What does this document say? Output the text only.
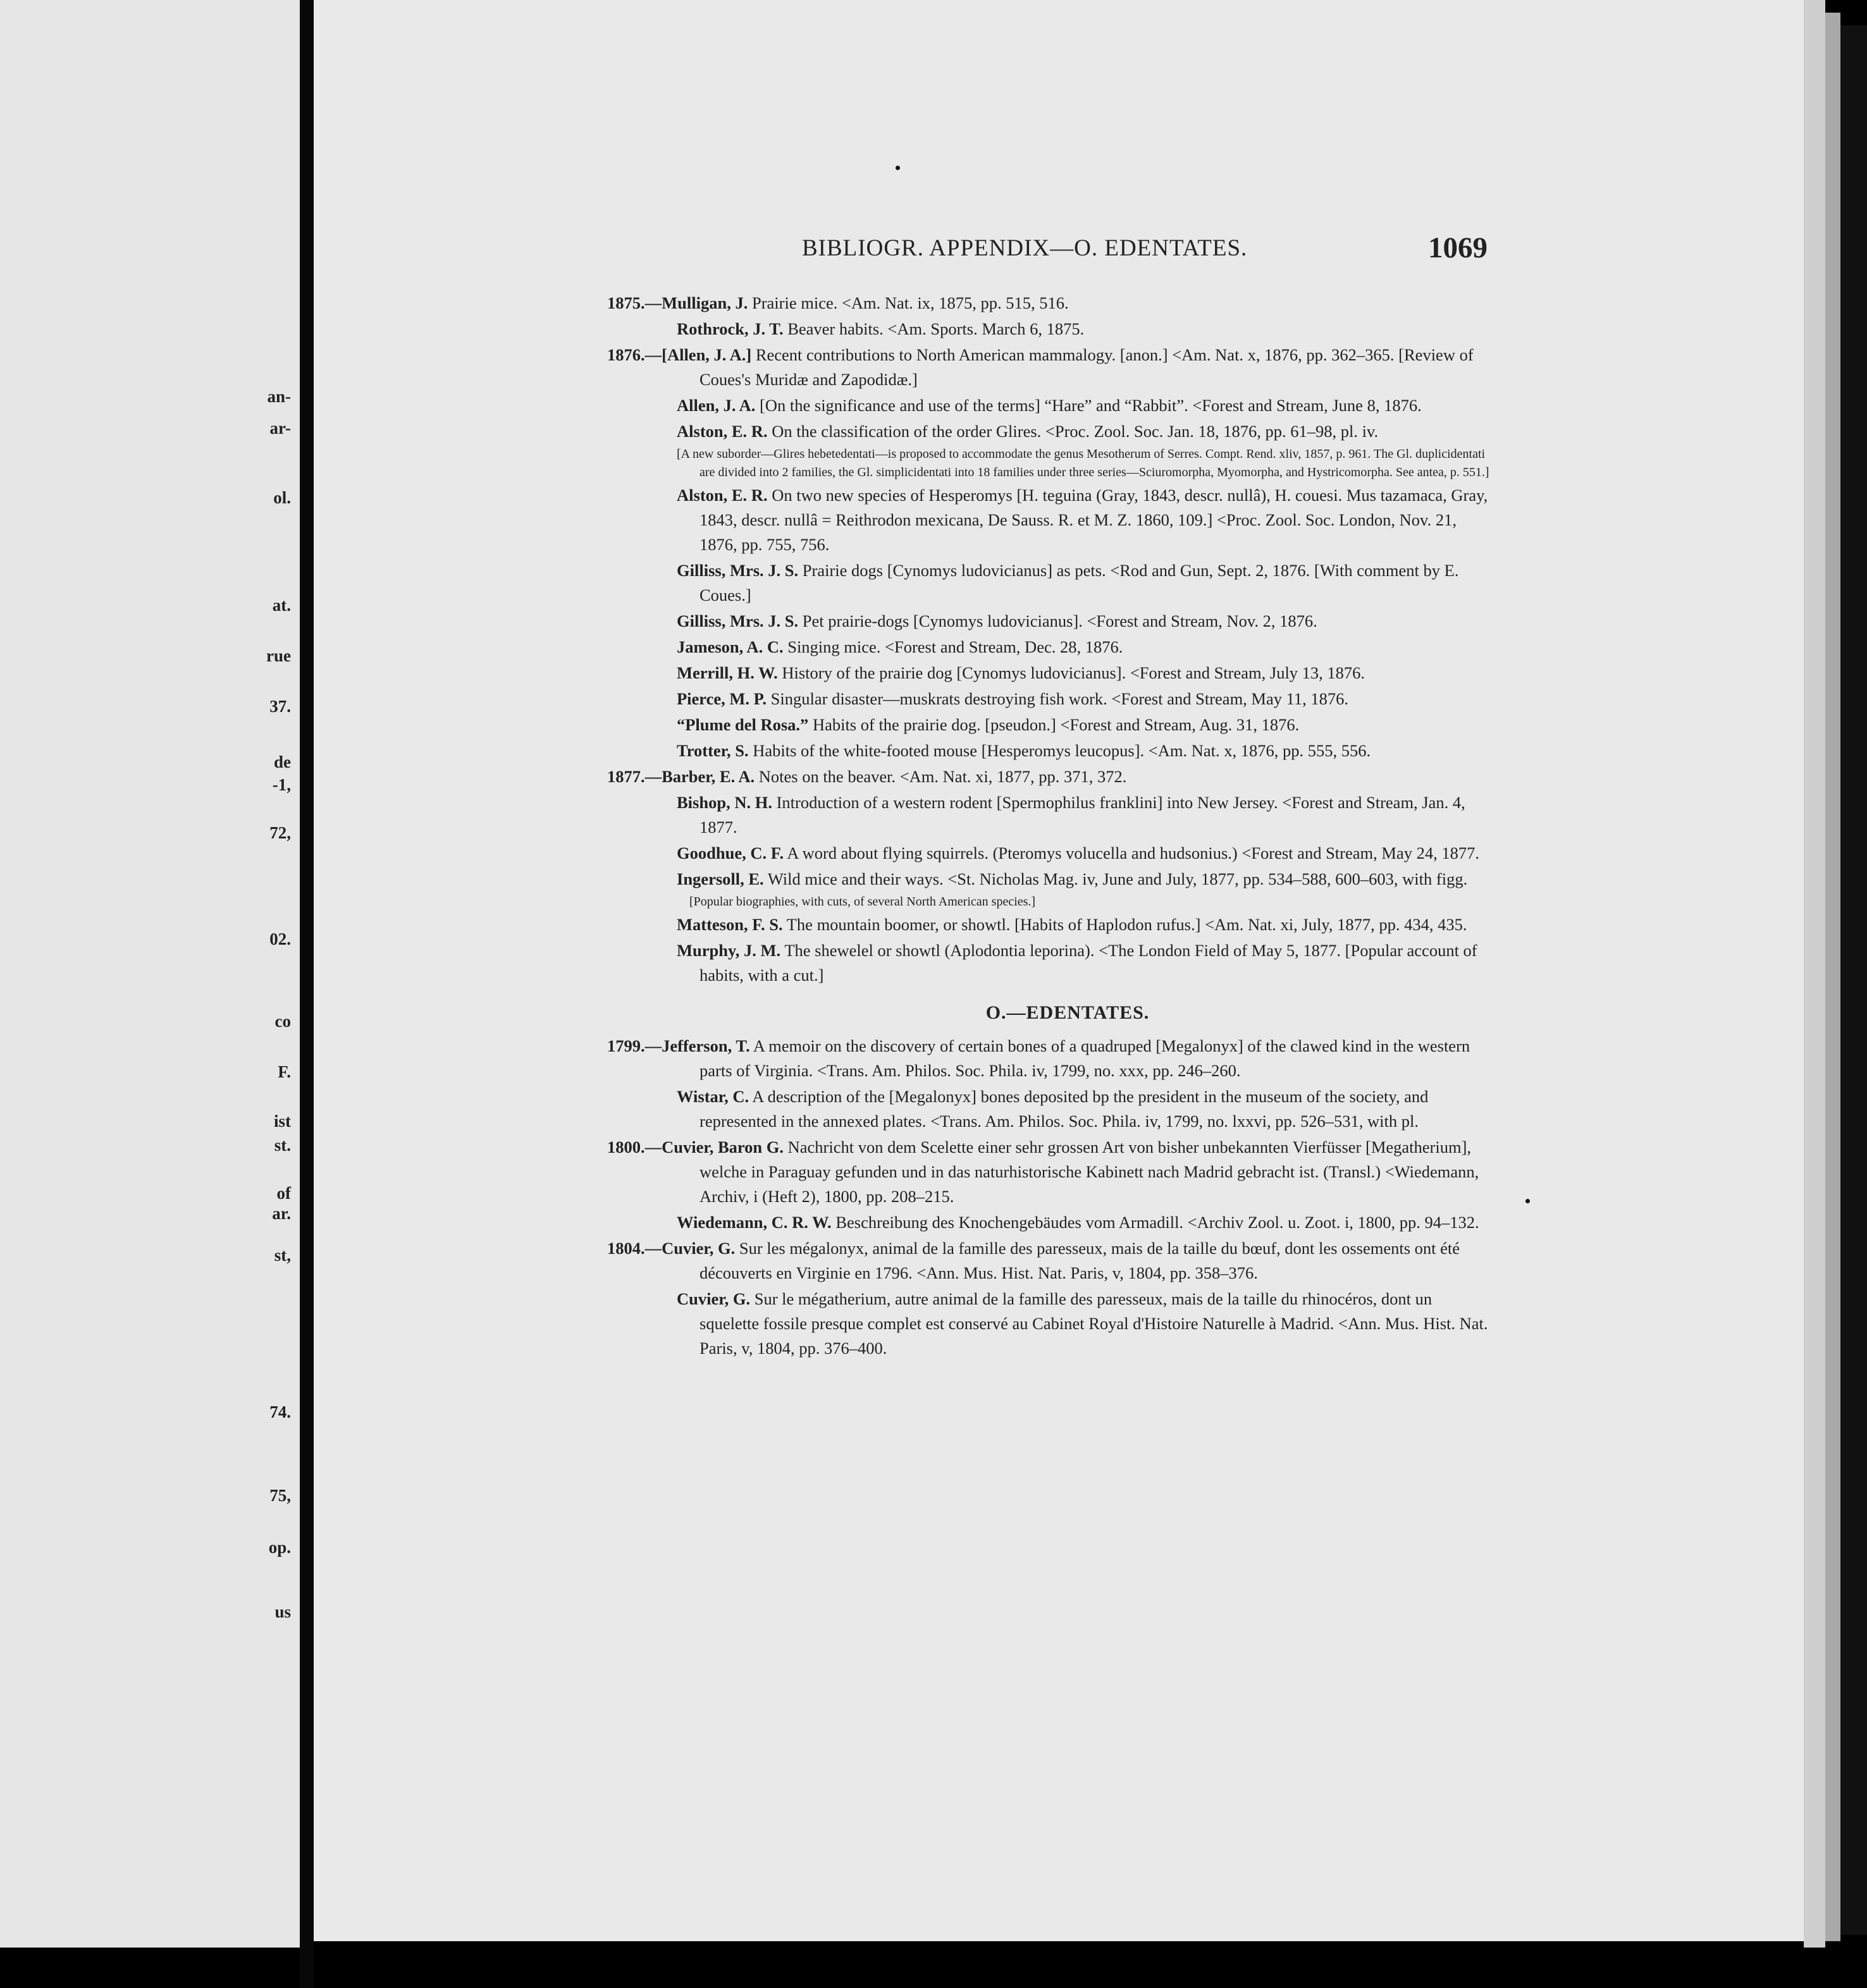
an-
ar-
ol.
at.
rue
37.
de
-1,
72,
02.
co
F.
ist
st.
of
ar.
st,
74.
75,
op.
us
BIBLIOGR. APPENDIX—O. EDENTATES.	1069
1875.—Mulligan, J. Prairie mice. <Am. Nat. ix, 1875, pp. 515, 516.
Rothrock, J. T. Beaver habits. <Am. Sports. March 6, 1875.
1876.—[Allen, J. A.] Recent contributions to North American mammalogy. [anon.] <Am. Nat. x, 1876, pp. 362–365. [Review of Coues's Muridæ and Zapodidæ.]
Allen, J. A. [On the significance and use of the terms] “Hare” and “Rabbit”. <Forest and Stream, June 8, 1876.
Alston, E. R. On the classification of the order Glires. <Proc. Zool. Soc. Jan. 18, 1876, pp. 61–98, pl. iv.
[A new suborder—Glires hebetedentati—is proposed to accommodate the genus Mesotherum of Serres. Compt. Rend. xliv, 1857, p. 961. The Gl. duplicidentati are divided into 2 families, the Gl. simplicidentati into 18 families under three series—Sciuromorpha, Myomorpha, and Hystricomorpha. See antea, p. 551.]
Alston, E. R. On two new species of Hesperomys [H. teguina (Gray, 1843, descr. nullâ), H. couesi. Mus tazamaca, Gray, 1843, descr. nullâ = Reithrodon mexicana, De Sauss. R. et M. Z. 1860, 109.] <Proc. Zool. Soc. London, Nov. 21, 1876, pp. 755, 756.
Gilliss, Mrs. J. S. Prairie dogs [Cynomys ludovicianus] as pets. <Rod and Gun, Sept. 2, 1876. [With comment by E. Coues.]
Gilliss, Mrs. J. S. Pet prairie-dogs [Cynomys ludovicianus]. <Forest and Stream, Nov. 2, 1876.
Jameson, A. C. Singing mice. <Forest and Stream, Dec. 28, 1876.
Merrill, H. W. History of the prairie dog [Cynomys ludovicianus]. <Forest and Stream, July 13, 1876.
Pierce, M. P. Singular disaster—muskrats destroying fish work. <Forest and Stream, May 11, 1876.
“Plume del Rosa.” Habits of the prairie dog. [pseudon.] <Forest and Stream, Aug. 31, 1876.
Trotter, S. Habits of the white-footed mouse [Hesperomys leucopus]. <Am. Nat. x, 1876, pp. 555, 556.
1877.—Barber, E. A. Notes on the beaver. <Am. Nat. xi, 1877, pp. 371, 372.
Bishop, N. H. Introduction of a western rodent [Spermophilus franklini] into New Jersey. <Forest and Stream, Jan. 4, 1877.
Goodhue, C. F. A word about flying squirrels. (Pteromys volucella and hudsonius.) <Forest and Stream, May 24, 1877.
Ingersoll, E. Wild mice and their ways. <St. Nicholas Mag. iv, June and July, 1877, pp. 534–588, 600–603, with figg.
[Popular biographies, with cuts, of several North American species.]
Matteson, F. S. The mountain boomer, or showtl. [Habits of Haplodon rufus.] <Am. Nat. xi, July, 1877, pp. 434, 435.
Murphy, J. M. The shewelel or showtl (Aplodontia leporina). <The London Field of May 5, 1877. [Popular account of habits, with a cut.]
O.—EDENTATES.
1799.—Jefferson, T. A memoir on the discovery of certain bones of a quadruped [Megalonyx] of the clawed kind in the western parts of Virginia. <Trans. Am. Philos. Soc. Phila. iv, 1799, no. xxx, pp. 246–260.
Wistar, C. A description of the [Megalonyx] bones deposited bp the president in the museum of the society, and represented in the annexed plates. <Trans. Am. Philos. Soc. Phila. iv, 1799, no. lxxvi, pp. 526–531, with pl.
1800.—Cuvier, Baron G. Nachricht von dem Scelette einer sehr grossen Art von bisher unbekannten Vierfüsser [Megatherium], welche in Paraguay gefunden und in das naturhistorische Kabinett nach Madrid gebracht ist. (Transl.) <Wiedemann, Archiv, i (Heft 2), 1800, pp. 208–215.
Wiedemann, C. R. W. Beschreibung des Knochengebäudes vom Armadill. <Archiv Zool. u. Zoot. i, 1800, pp. 94–132.
1804.—Cuvier, G. Sur les mégalonyx, animal de la famille des paresseux, mais de la taille du bœuf, dont les ossements ont été découverts en Virginie en 1796. <Ann. Mus. Hist. Nat. Paris, v, 1804, pp. 358–376.
Cuvier, G. Sur le mégatherium, autre animal de la famille des paresseux, mais de la taille du rhinocéros, dont un squelette fossile presque complet est conservé au Cabinet Royal d'Histoire Naturelle à Madrid. <Ann. Mus. Hist. Nat. Paris, v, 1804, pp. 376–400.
